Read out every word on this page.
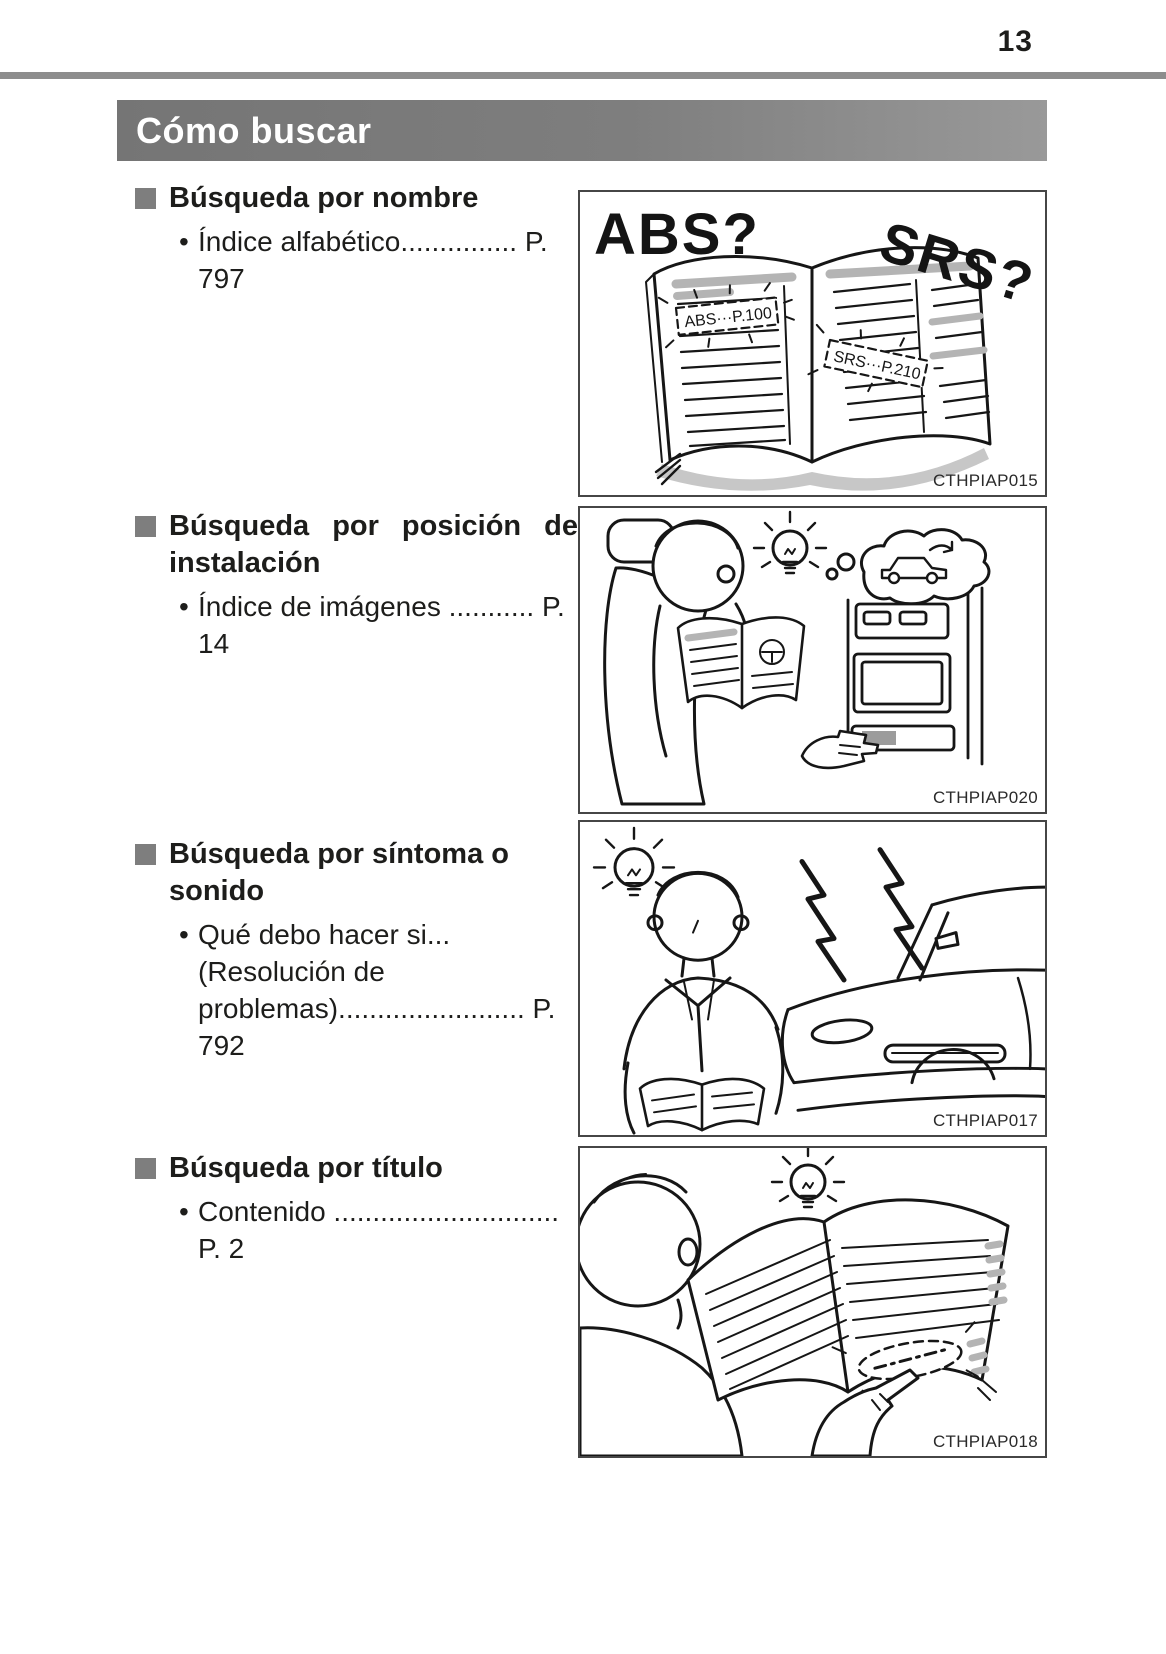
13
Cómo buscar
Búsqueda por nombre
• Índice alfabético............... P. 797
Búsqueda por posición de
instalación
• Índice de imágenes ........... P. 14
Búsqueda por síntoma o sonido
• Qué debo hacer si...
(Resolución de
problemas)........................ P. 792
Búsqueda por título
• Contenido ............................. P. 2
ABS···P.100
SRS···P.210
ABS? SRS?
CTHPIAP015
CTHPIAP020
CTHPIAP017
CTHPIAP018
